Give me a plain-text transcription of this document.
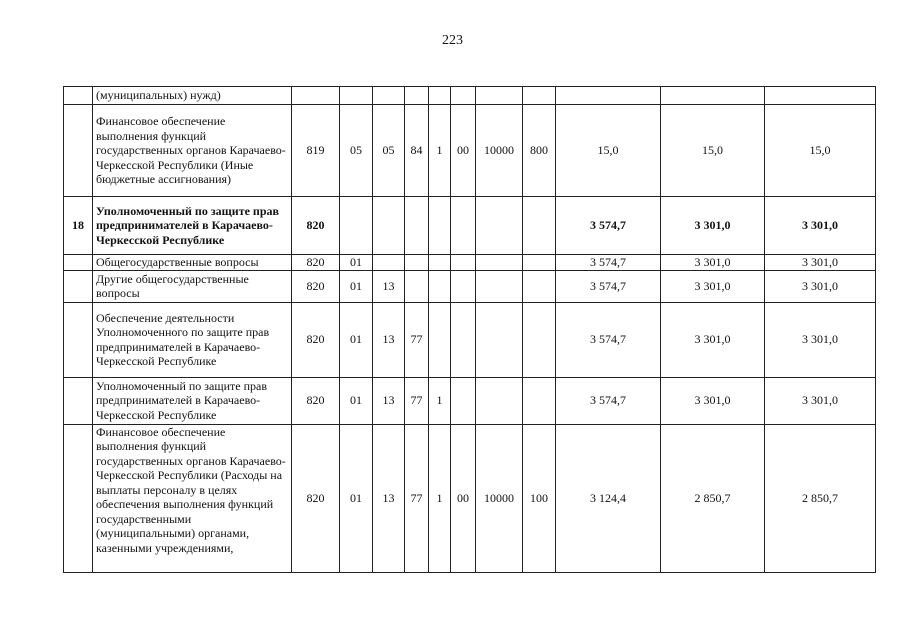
223
	(муниципальных) нужд)											
	Финансовое обеспечение выполнения функций государственных органов Карачаево-Черкесской Республики (Иные бюджетные ассигнования)	819	05	05	84	1	00	10000	800	15,0	15,0	15,0
18	Уполномоченный по защите прав предпринимателей в Карачаево-Черкесской Республике	820								3 574,7	3 301,0	3 301,0
	Общегосударственные вопросы	820	01							3 574,7	3 301,0	3 301,0
	Другие общегосударственные вопросы	820	01	13						3 574,7	3 301,0	3 301,0
	Обеспечение деятельности Уполномоченного по защите прав предпринимателей в Карачаево-Черкесской Республике	820	01	13	77					3 574,7	3 301,0	3 301,0
	Уполномоченный по защите прав предпринимателей в Карачаево-Черкесской Республике	820	01	13	77	1				3 574,7	3 301,0	3 301,0
	Финансовое обеспечение выполнения функций государственных органов Карачаево-Черкесской Республики (Расходы на выплаты персоналу в целях обеспечения выполнения функций государственными (муниципальными) органами, казенными учреждениями,	820	01	13	77	1	00	10000	100	3 124,4	2 850,7	2 850,7
